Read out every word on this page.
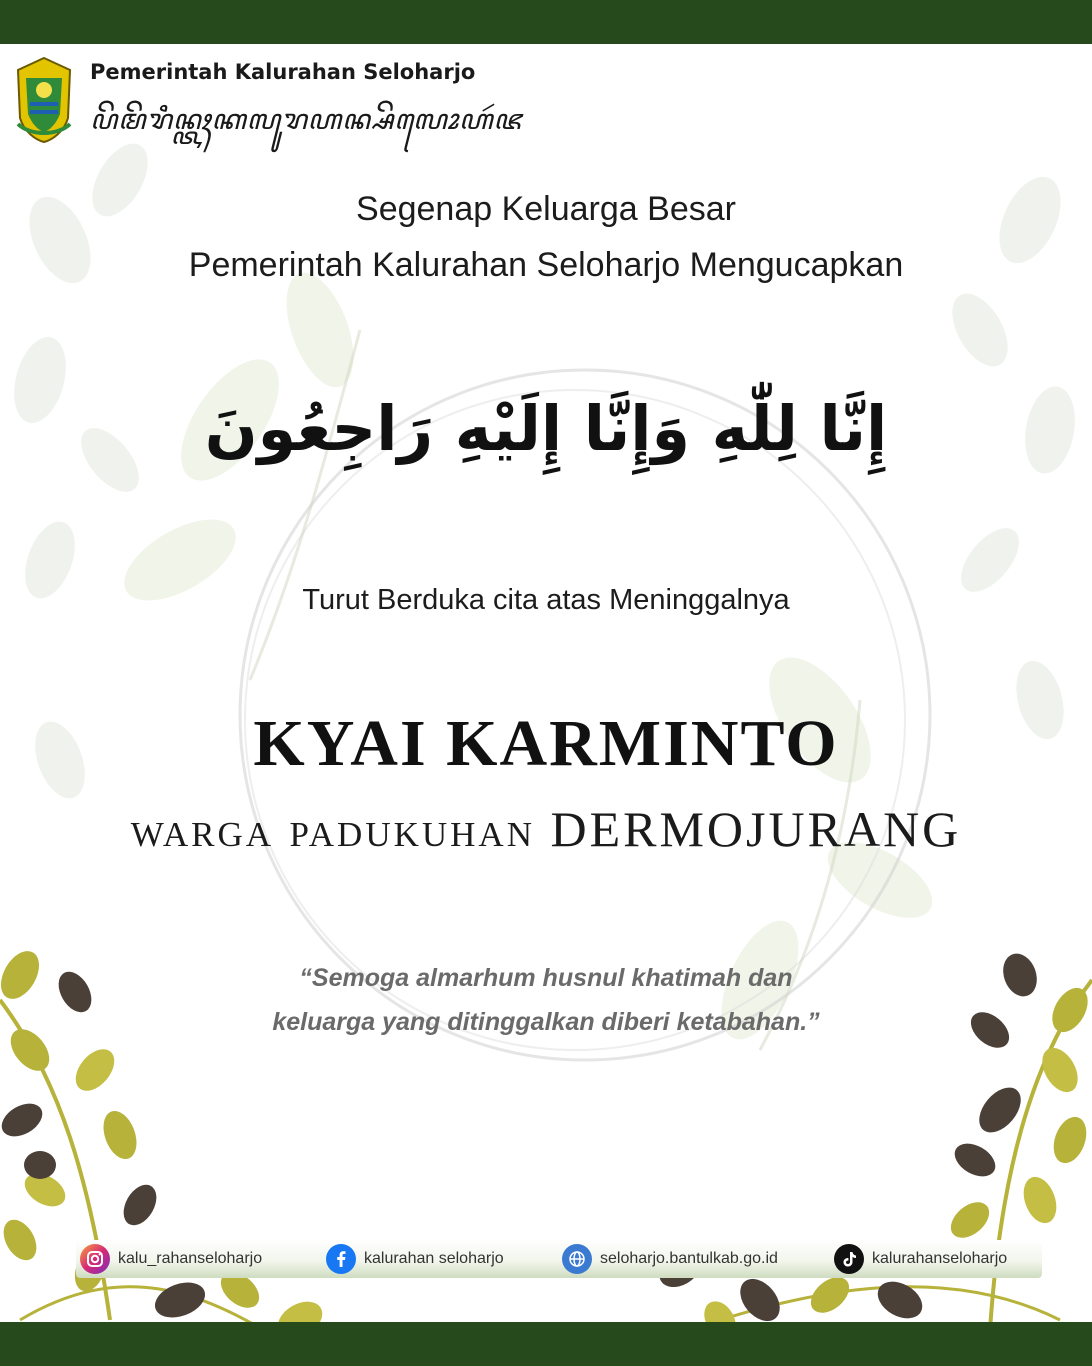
Pemerintah Kalurahan Seloharjo
ꦥꦼꦩꦼꦫꦶꦤ꧀ꦠꦃꦏꦭꦸꦫꦲꦤ꧀ꦱꦼꦭꦺꦴꦲꦂꦗ
Segenap Keluarga Besar
Pemerintah Kalurahan Seloharjo Mengucapkan
إِنَّا لِلّٰهِ وَإِنَّا إِلَيْهِ رَاجِعُونَ
Turut Berduka cita atas Meninggalnya
KYAI KARMINTO
warga padukuhan DERMOJURANG
“Semoga almarhum husnul khatimah dan
keluarga yang ditinggalkan diberi ketabahan.”
kalu_rahanseloharjo	kalurahan seloharjo	seloharjo.bantulkab.go.id	kalurahanseloharjo
